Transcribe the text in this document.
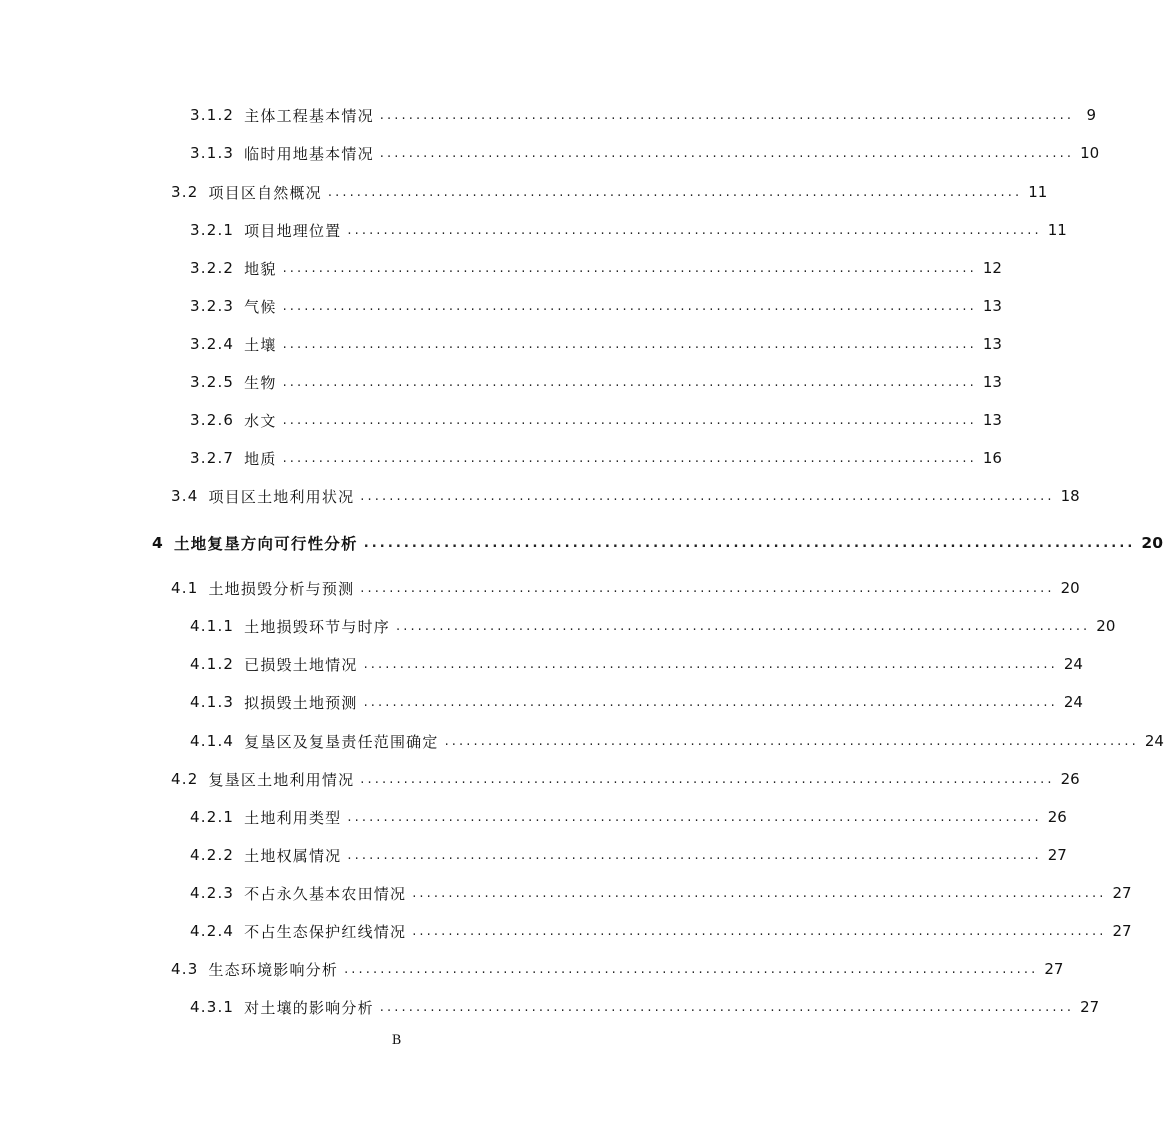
3.1.2 主体工程基本情况 ................................................................................................ 9
3.1.3 临时用地基本情况 ................................................................................................ 10
3.2 项目区自然概况 ................................................................................................ 11
3.2.1 项目地理位置 ................................................................................................ 11
3.2.2 地貌 ................................................................................................ 12
3.2.3 气候 ................................................................................................ 13
3.2.4 土壤 ................................................................................................ 13
3.2.5 生物 ................................................................................................ 13
3.2.6 水文 ................................................................................................ 13
3.2.7 地质 ................................................................................................ 16
3.4 项目区土地利用状况 ................................................................................................ 18
4 土地复垦方向可行性分析 ................................................................................................ 20
4.1 土地损毁分析与预测 ................................................................................................ 20
4.1.1 土地损毁环节与时序 ................................................................................................ 20
4.1.2 已损毁土地情况 ................................................................................................ 24
4.1.3 拟损毁土地预测 ................................................................................................ 24
4.1.4 复垦区及复垦责任范围确定 ................................................................................................ 24
4.2 复垦区土地利用情况 ................................................................................................ 26
4.2.1 土地利用类型 ................................................................................................ 26
4.2.2 土地权属情况 ................................................................................................ 27
4.2.3 不占永久基本农田情况 ................................................................................................ 27
4.2.4 不占生态保护红线情况 ................................................................................................ 27
4.3 生态环境影响分析 ................................................................................................ 27
4.3.1 对土壤的影响分析 ................................................................................................ 27
B
